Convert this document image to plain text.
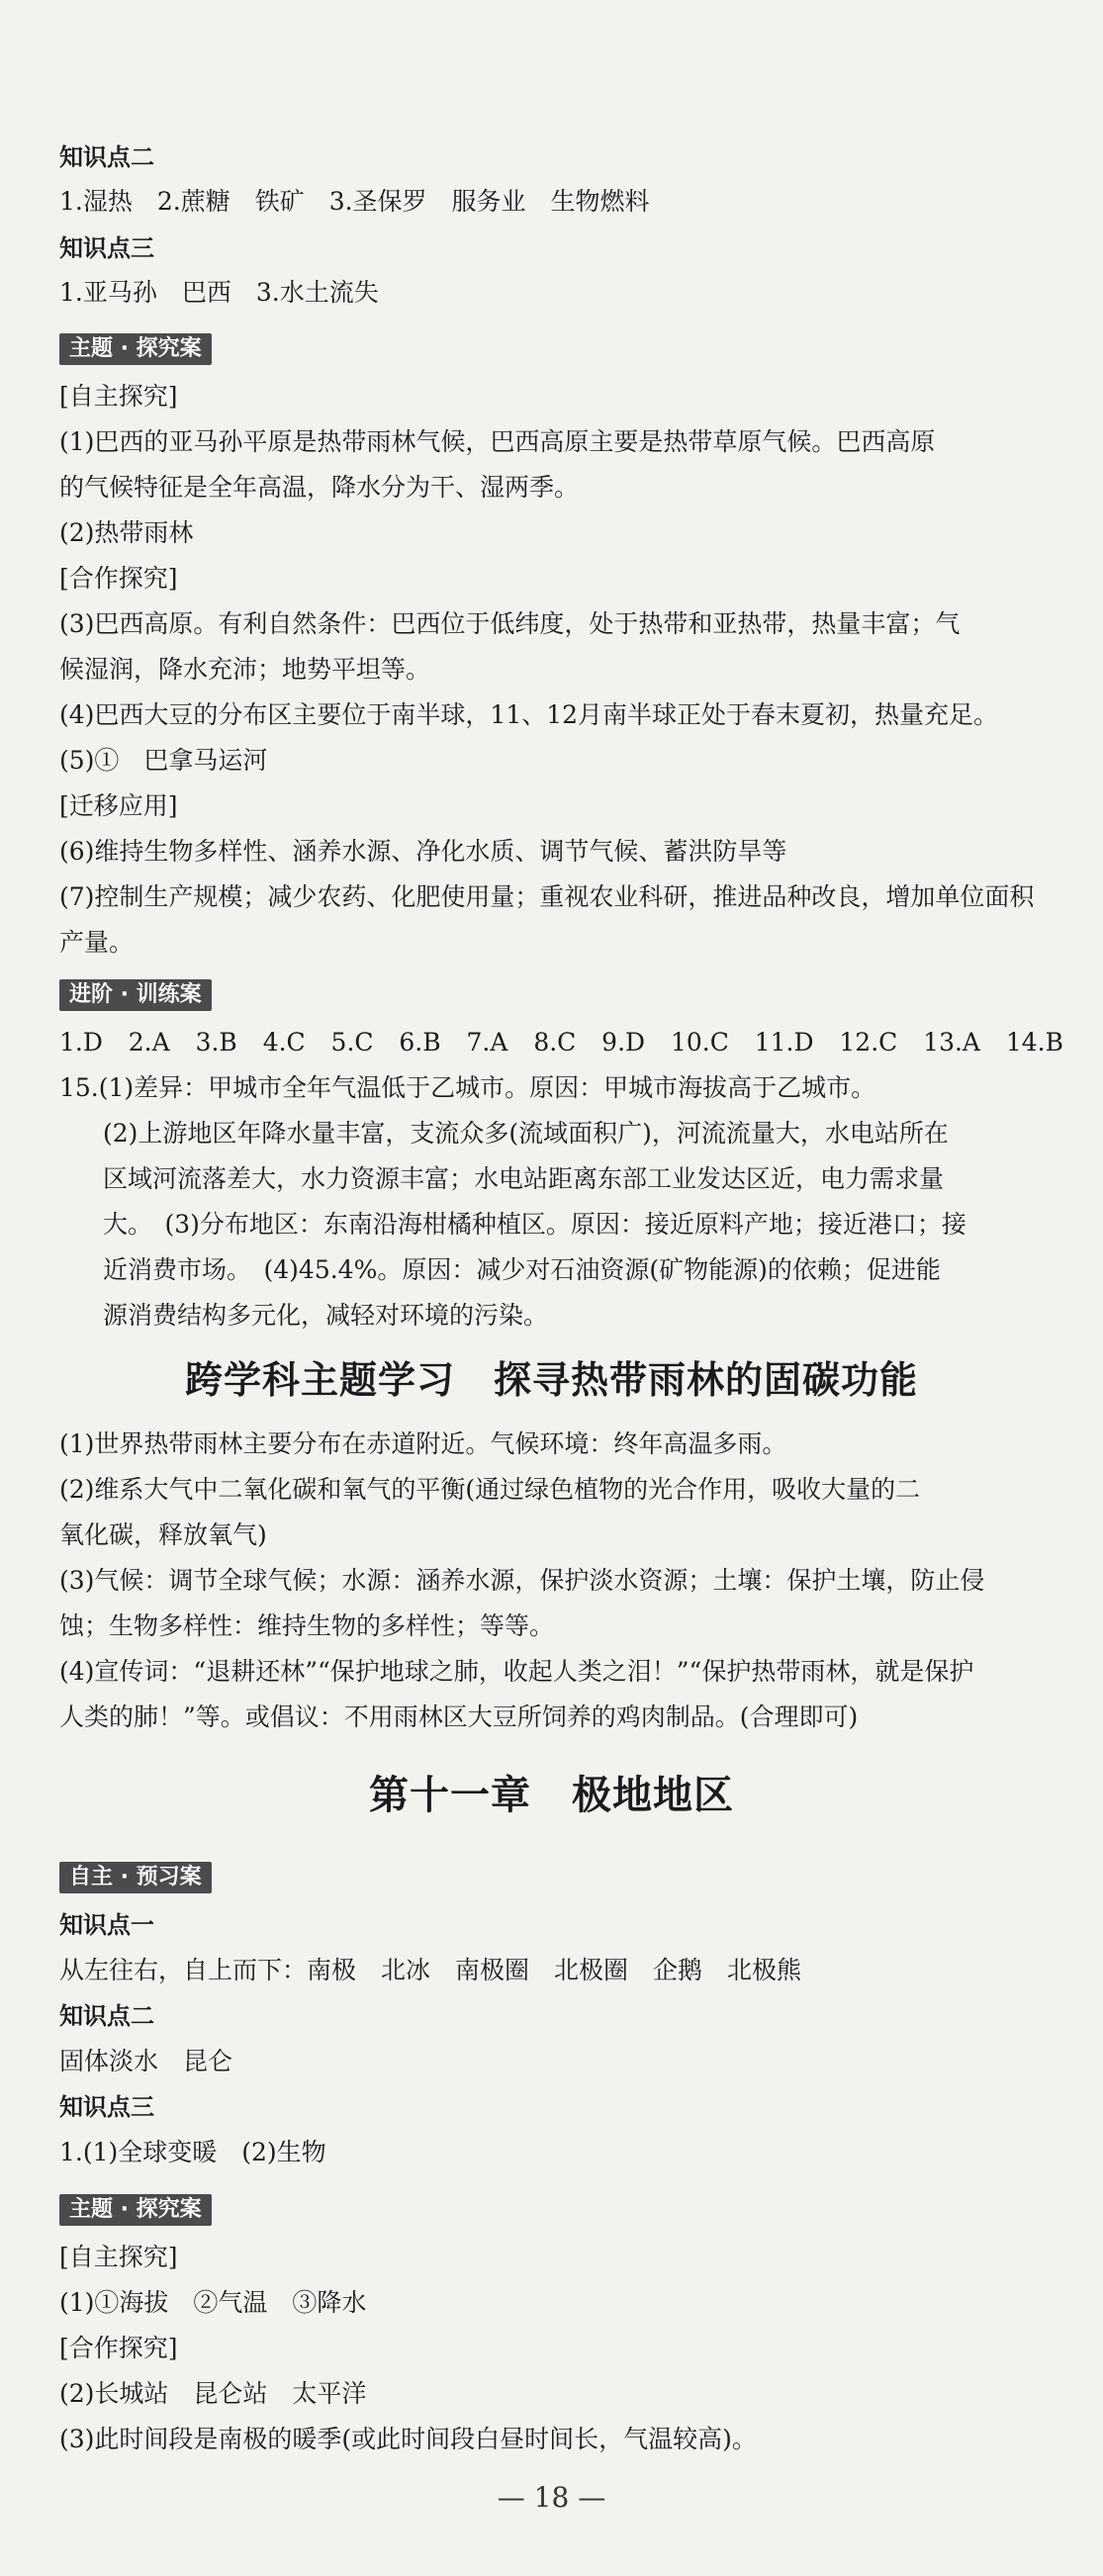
知识点二
1.湿热　2.蔗糖　铁矿　3.圣保罗　服务业　生物燃料
知识点三
1.亚马孙　巴西　3.水土流失
主题 · 探究案
[自主探究]
(1)巴西的亚马孙平原是热带雨林气候，巴西高原主要是热带草原气候。巴西高原
的气候特征是全年高温，降水分为干、湿两季。
(2)热带雨林
[合作探究]
(3)巴西高原。有利自然条件：巴西位于低纬度，处于热带和亚热带，热量丰富；气
候湿润，降水充沛；地势平坦等。
(4)巴西大豆的分布区主要位于南半球，11、12月南半球正处于春末夏初，热量充足。
(5)①　巴拿马运河
[迁移应用]
(6)维持生物多样性、涵养水源、净化水质、调节气候、蓄洪防旱等
(7)控制生产规模；减少农药、化肥使用量；重视农业科研，推进品种改良，增加单位面积
产量。
进阶 · 训练案
1.D 2.A 3.B 4.C 5.C 6.B 7.A 8.C 9.D 10.C 11.D 12.C 13.A 14.B
15.(1)差异：甲城市全年气温低于乙城市。原因：甲城市海拔高于乙城市。
(2)上游地区年降水量丰富，支流众多(流域面积广)，河流流量大，水电站所在
区域河流落差大，水力资源丰富；水电站距离东部工业发达区近，电力需求量
大。　(3)分布地区：东南沿海柑橘种植区。原因：接近原料产地；接近港口；接
近消费市场。　(4)45.4%。原因：减少对石油资源(矿物能源)的依赖；促进能
源消费结构多元化，减轻对环境的污染。
跨学科主题学习　探寻热带雨林的固碳功能
(1)世界热带雨林主要分布在赤道附近。气候环境：终年高温多雨。
(2)维系大气中二氧化碳和氧气的平衡(通过绿色植物的光合作用，吸收大量的二
氧化碳，释放氧气)
(3)气候：调节全球气候；水源：涵养水源，保护淡水资源；土壤：保护土壤，防止侵
蚀；生物多样性：维持生物的多样性；等等。
(4)宣传词：“退耕还林”“保护地球之肺，收起人类之泪！”“保护热带雨林，就是保护
人类的肺！”等。或倡议：不用雨林区大豆所饲养的鸡肉制品。(合理即可)
第十一章　极地地区
自主 · 预习案
知识点一
从左往右，自上而下：南极　北冰　南极圈　北极圈　企鹅　北极熊
知识点二
固体淡水　昆仑
知识点三
1.(1)全球变暖　(2)生物
主题 · 探究案
[自主探究]
(1)①海拔　②气温　③降水
[合作探究]
(2)长城站　昆仑站　太平洋
(3)此时间段是南极的暖季(或此时间段白昼时间长，气温较高)。
— 18 —
